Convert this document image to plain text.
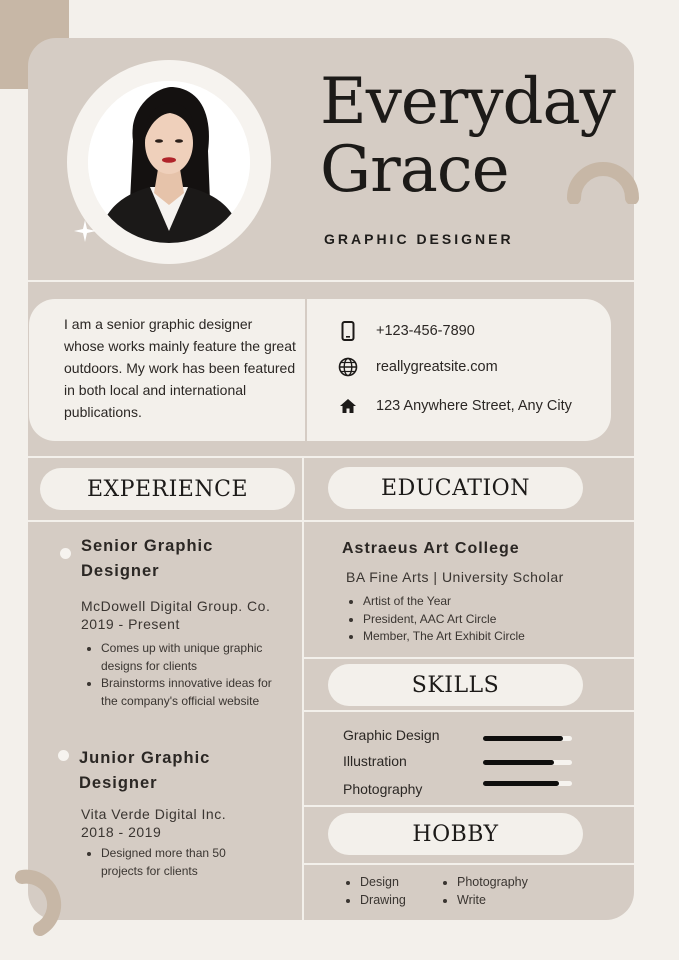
Everyday
Grace
GRAPHIC DESIGNER
I am a senior graphic designer whose works mainly feature the great outdoors. My work has been featured in both local and international publications.
+123-456-7890
reallygreatsite.com
123 Anywhere Street, Any City
EXPERIENCE	EDUCATION
SKILLS
HOBBY
Senior Graphic
Designer
McDowell Digital Group. Co.
2019 - Present
• Comes up with unique graphic designs for clients
• Brainstorms innovative ideas for the company's official website
Junior Graphic
Designer
Vita Verde Digital Inc.
2018 - 2019
• Designed more than 50 projects for clients
Astraeus Art College
BA Fine Arts | University Scholar
• Artist of the Year
• President, AAC Art Circle
• Member, The Art Exhibit Circle
Graphic Design
Illustration
Photography
• Design
• Drawing
• Photography
• Write
